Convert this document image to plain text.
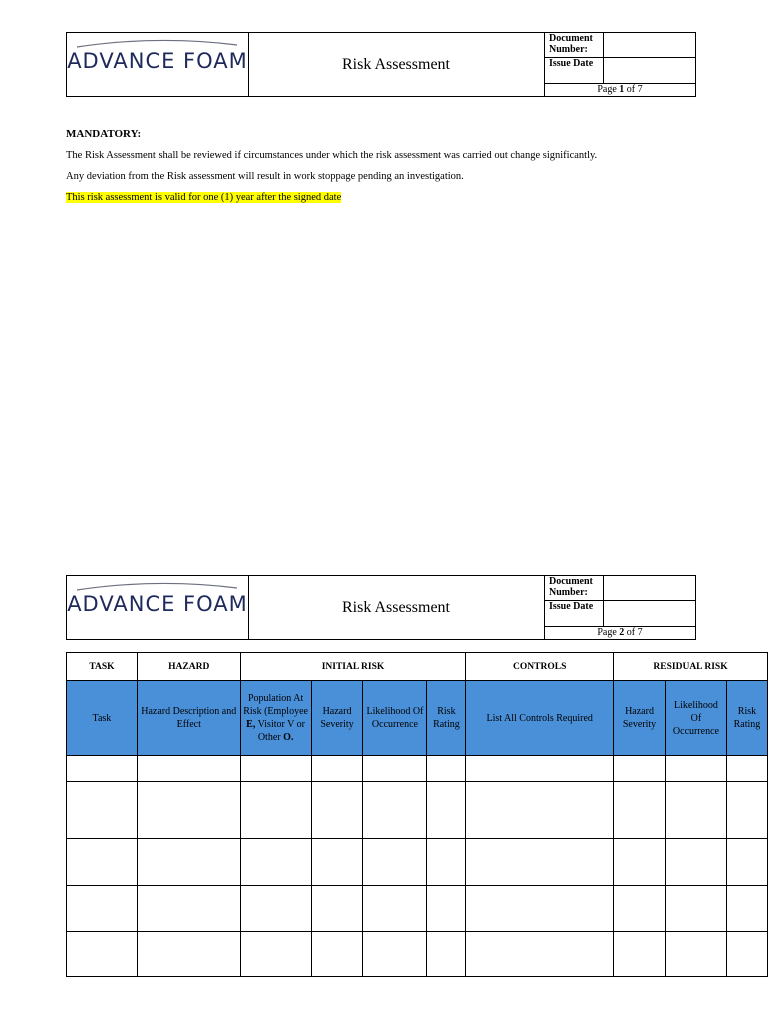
ADVANCE FOAM	Risk Assessment
Document Number:
Issue Date
Page 1 of 7

MANDATORY:

The Risk Assessment shall be reviewed if circumstances under which the risk assessment was carried out change significantly.

Any deviation from the Risk assessment will result in work stoppage pending an investigation.

This risk assessment is valid for one (1) year after the signed date

ADVANCE FOAM	Risk Assessment
Document Number:
Issue Date
Page 2 of 7
TASK	HAZARD	INITIAL RISK				CONTROLS	RESIDUAL RISK		
Task	Hazard Description and Effect	Population At Risk (Employee E, Visitor V or Other O.	Hazard Severity	Likelihood Of Occurrence	Risk Rating	List All Controls Required	Hazard Severity	Likelihood Of Occurrence	Risk Rating
